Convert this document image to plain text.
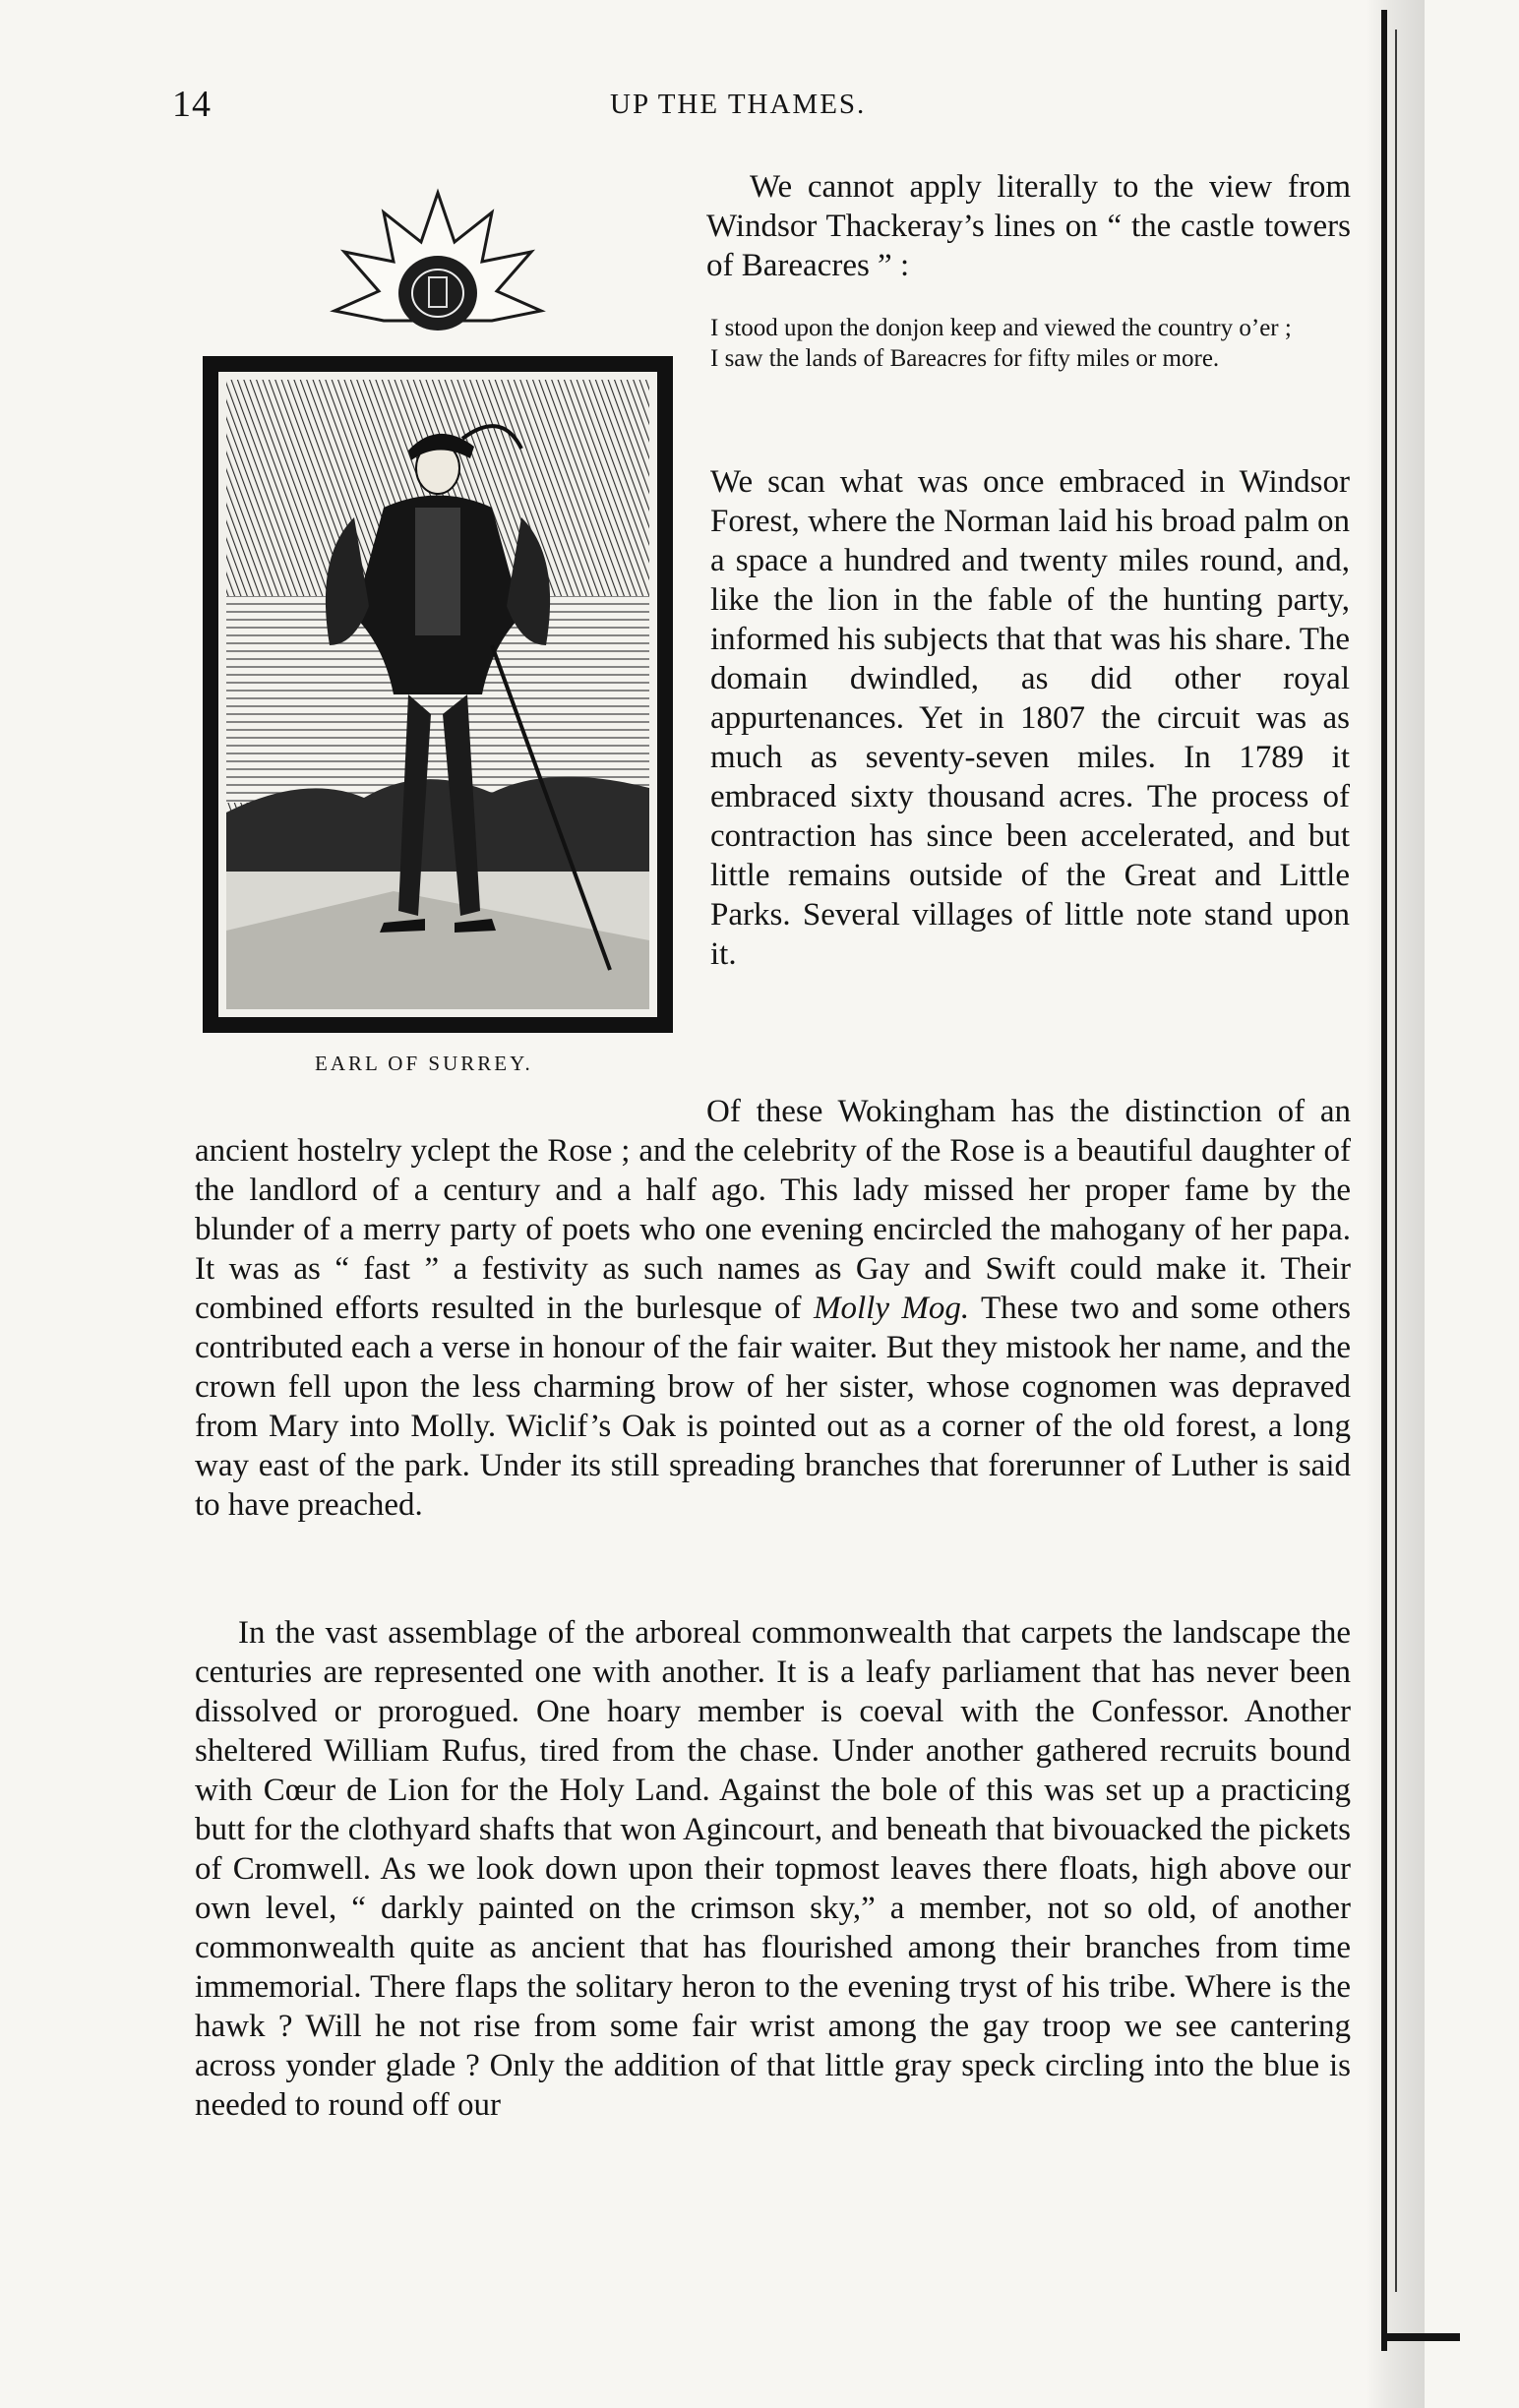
14	UP THE THAMES.
EARL OF SURREY.

We cannot apply literally to the view from Windsor Thackeray’s lines on “ the castle towers of Bareacres ” :

I stood upon the donjon keep and viewed the country o’er ;
I saw the lands of Bareacres for fifty miles or more.

We scan what was once embraced in Windsor Forest, where the Norman laid his broad palm on a space a hundred and twenty miles round, and, like the lion in the fable of the hunting party, informed his subjects that that was his share. The domain dwindled, as did other royal appurtenances. Yet in 1807 the circuit was as much as seventy-seven miles. In 1789 it embraced sixty thousand acres. The process of contraction has since been accelerated, and but little remains outside of the Great and Little Parks. Several villages of little note stand upon it.

Of these Wokingham has the distinction of an ancient hostelry yclept the Rose ; and the celebrity of the Rose is a beautiful daughter of the landlord of a century and a half ago. This lady missed her proper fame by the blunder of a merry party of poets who one evening encircled the mahogany of her papa. It was as “ fast ” a festivity as such names as Gay and Swift could make it. Their combined efforts resulted in the burlesque of Molly Mog. These two and some others contributed each a verse in honour of the fair waiter. But they mistook her name, and the crown fell upon the less charming brow of her sister, whose cognomen was depraved from Mary into Molly. Wiclif’s Oak is pointed out as a corner of the old forest, a long way east of the park. Under its still spreading branches that forerunner of Luther is said to have preached.

In the vast assemblage of the arboreal commonwealth that carpets the landscape the centuries are represented one with another. It is a leafy parliament that has never been dissolved or prorogued. One hoary member is coeval with the Confessor. Another sheltered William Rufus, tired from the chase. Under another gathered recruits bound with Cœur de Lion for the Holy Land. Against the bole of this was set up a practicing butt for the clothyard shafts that won Agincourt, and beneath that bivouacked the pickets of Cromwell. As we look down upon their topmost leaves there floats, high above our own level, “ darkly painted on the crimson sky,” a member, not so old, of another commonwealth quite as ancient that has flourished among their branches from time immemorial. There flaps the solitary heron to the evening tryst of his tribe. Where is the hawk ? Will he not rise from some fair wrist among the gay troop we see cantering across yonder glade ? Only the addition of that little gray speck circling into the blue is needed to round off our
